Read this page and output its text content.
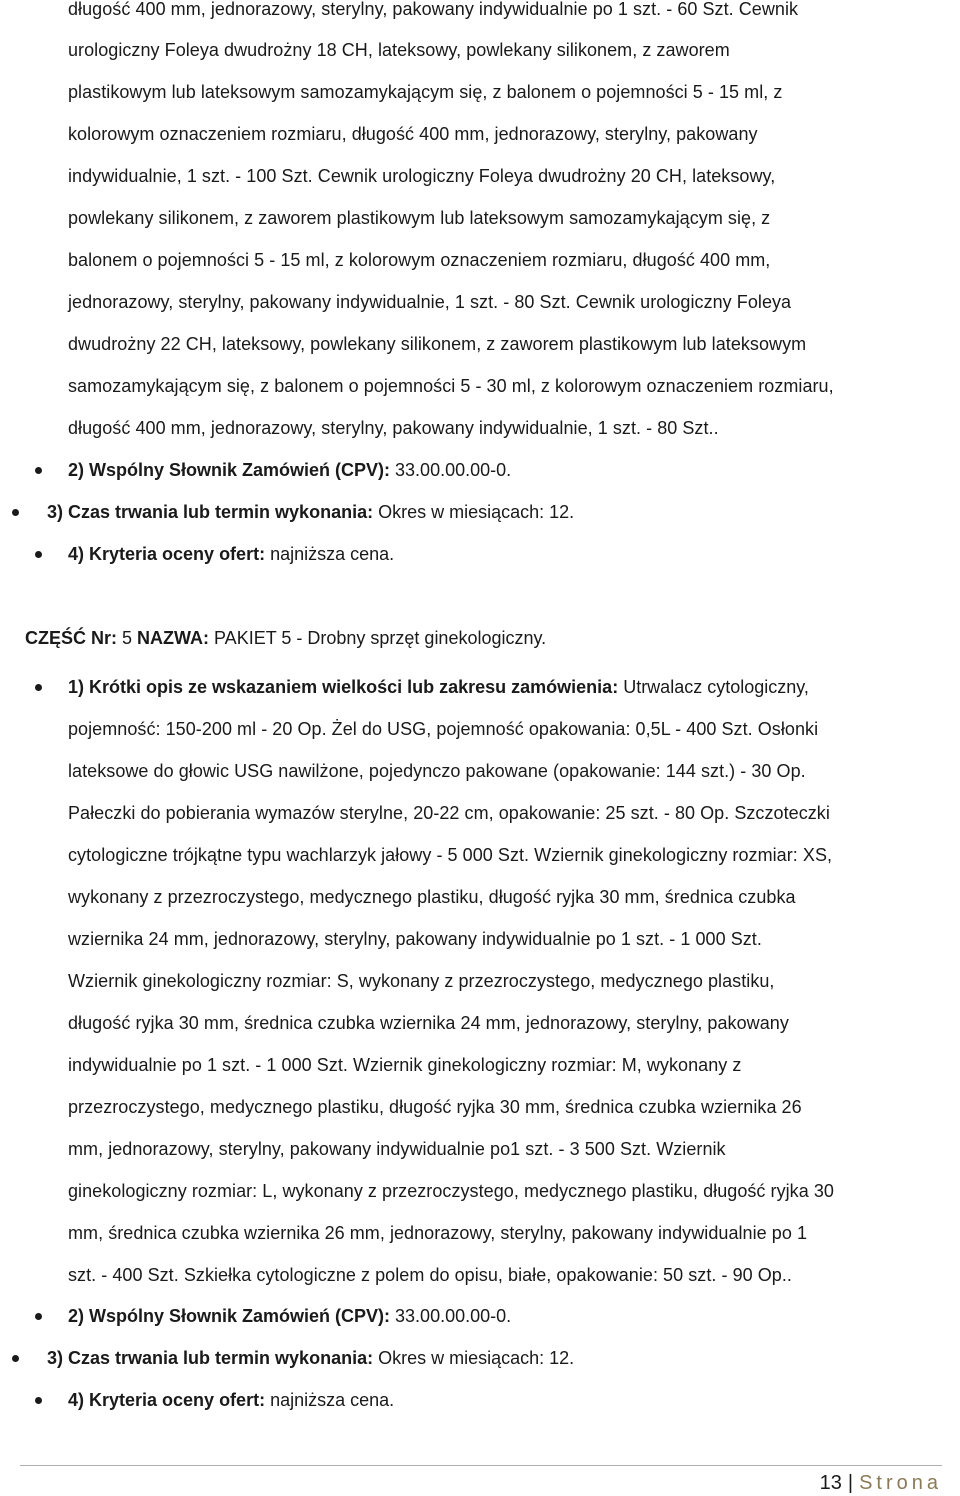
długość 400 mm, jednorazowy, sterylny, pakowany indywidualnie po 1 szt. - 60 Szt. Cewnik
urologiczny Foleya dwudrożny 18 CH, lateksowy, powlekany silikonem, z zaworem
plastikowym lub lateksowym samozamykającym się, z balonem o pojemności 5 - 15 ml, z
kolorowym oznaczeniem rozmiaru, długość 400 mm, jednorazowy, sterylny, pakowany
indywidualnie, 1 szt. - 100 Szt. Cewnik urologiczny Foleya dwudrożny 20 CH, lateksowy,
powlekany silikonem, z zaworem plastikowym lub lateksowym samozamykającym się, z
balonem o pojemności 5 - 15 ml, z kolorowym oznaczeniem rozmiaru, długość 400 mm,
jednorazowy, sterylny, pakowany indywidualnie, 1 szt. - 80 Szt. Cewnik urologiczny Foleya
dwudrożny 22 CH, lateksowy, powlekany silikonem, z zaworem plastikowym lub lateksowym
samozamykającym się, z balonem o pojemności 5 - 30 ml, z kolorowym oznaczeniem rozmiaru,
długość 400 mm, jednorazowy, sterylny, pakowany indywidualnie, 1 szt. - 80 Szt..
2) Wspólny Słownik Zamówień (CPV): 33.00.00.00-0.
3) Czas trwania lub termin wykonania: Okres w miesiącach: 12.
4) Kryteria oceny ofert: najniższa cena.
CZĘŚĆ Nr: 5 NAZWA: PAKIET 5 - Drobny sprzęt ginekologiczny.
1) Krótki opis ze wskazaniem wielkości lub zakresu zamówienia: Utrwalacz cytologiczny,
pojemność: 150-200 ml - 20 Op. Żel do USG, pojemność opakowania: 0,5L - 400 Szt. Osłonki
lateksowe do głowic USG nawilżone, pojedynczo pakowane (opakowanie: 144 szt.) - 30 Op.
Pałeczki do pobierania wymazów sterylne, 20-22 cm, opakowanie: 25 szt. - 80 Op. Szczoteczki
cytologiczne trójkątne typu wachlarzyk jałowy - 5 000 Szt. Wziernik ginekologiczny rozmiar: XS,
wykonany z przezroczystego, medycznego plastiku, długość ryjka 30 mm, średnica czubka
wziernika 24 mm, jednorazowy, sterylny, pakowany indywidualnie po 1 szt. - 1 000 Szt.
Wziernik ginekologiczny rozmiar: S, wykonany z przezroczystego, medycznego plastiku,
długość ryjka 30 mm, średnica czubka wziernika 24 mm, jednorazowy, sterylny, pakowany
indywidualnie po 1 szt. - 1 000 Szt. Wziernik ginekologiczny rozmiar: M, wykonany z
przezroczystego, medycznego plastiku, długość ryjka 30 mm, średnica czubka wziernika 26
mm, jednorazowy, sterylny, pakowany indywidualnie po1 szt. - 3 500 Szt. Wziernik
ginekologiczny rozmiar: L, wykonany z przezroczystego, medycznego plastiku, długość ryjka 30
mm, średnica czubka wziernika 26 mm, jednorazowy, sterylny, pakowany indywidualnie po 1
szt. - 400 Szt. Szkiełka cytologiczne z polem do opisu, białe, opakowanie: 50 szt. - 90 Op..
2) Wspólny Słownik Zamówień (CPV): 33.00.00.00-0.
3) Czas trwania lub termin wykonania: Okres w miesiącach: 12.
4) Kryteria oceny ofert: najniższa cena.
13 | Strona
